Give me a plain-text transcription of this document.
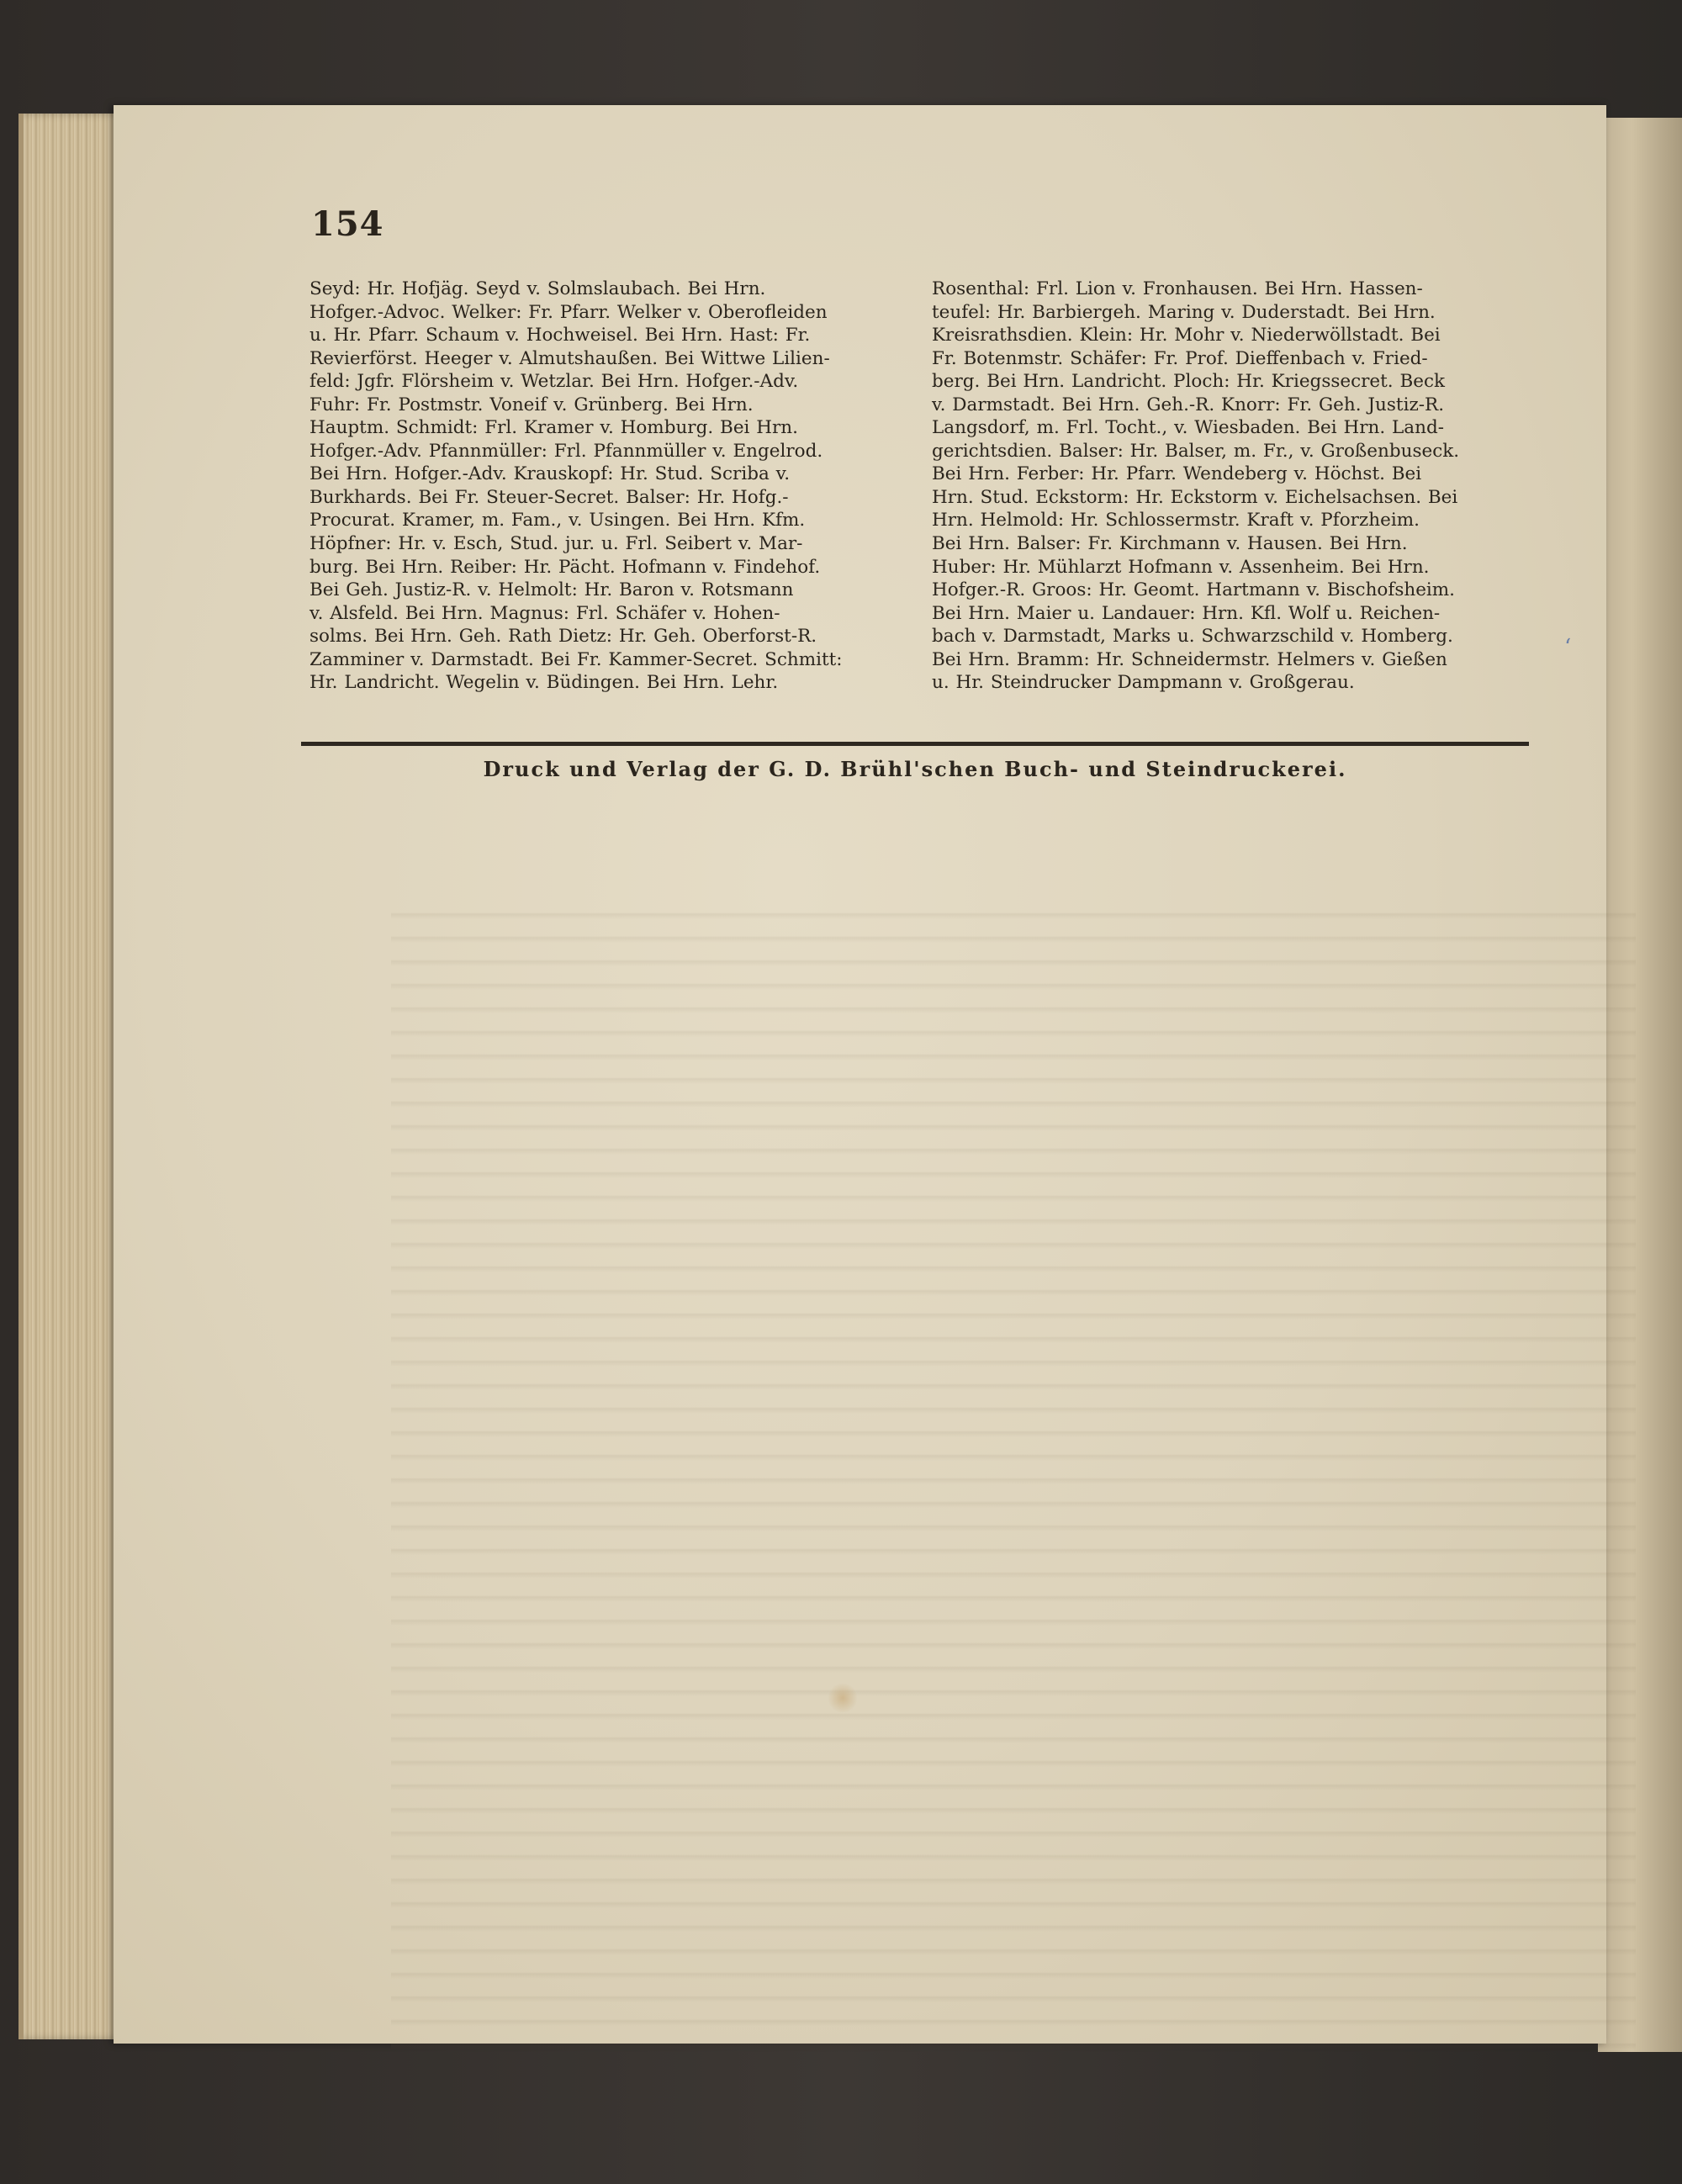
154

Seyd: Hr. Hofjäg. Seyd v. Solmslaubach. Bei Hrn.

Hofger.-Advoc. Welker: Fr. Pfarr. Welker v. Oberofleiden

u. Hr. Pfarr. Schaum v. Hochweisel. Bei Hrn. Hast: Fr.

Revierförst. Heeger v. Almutshaußen. Bei Wittwe Lilien-

feld: Jgfr. Flörsheim v. Wetzlar. Bei Hrn. Hofger.-Adv.

Fuhr: Fr. Postmstr. Voneif v. Grünberg. Bei Hrn.

Hauptm. Schmidt: Frl. Kramer v. Homburg. Bei Hrn.

Hofger.-Adv. Pfannmüller: Frl. Pfannmüller v. Engelrod.

Bei Hrn. Hofger.-Adv. Krauskopf: Hr. Stud. Scriba v.

Burkhards. Bei Fr. Steuer-Secret. Balser: Hr. Hofg.-

Procurat. Kramer, m. Fam., v. Usingen. Bei Hrn. Kfm.

Höpfner: Hr. v. Esch, Stud. jur. u. Frl. Seibert v. Mar-

burg. Bei Hrn. Reiber: Hr. Pächt. Hofmann v. Findehof.

Bei Geh. Justiz-R. v. Helmolt: Hr. Baron v. Rotsmann

v. Alsfeld. Bei Hrn. Magnus: Frl. Schäfer v. Hohen-

solms. Bei Hrn. Geh. Rath Dietz: Hr. Geh. Oberforst-R.

Zamminer v. Darmstadt. Bei Fr. Kammer-Secret. Schmitt:

Hr. Landricht. Wegelin v. Büdingen. Bei Hrn. Lehr.

Rosenthal: Frl. Lion v. Fronhausen. Bei Hrn. Hassen-

teufel: Hr. Barbiergeh. Maring v. Duderstadt. Bei Hrn.

Kreisrathsdien. Klein: Hr. Mohr v. Niederwöllstadt. Bei

Fr. Botenmstr. Schäfer: Fr. Prof. Dieffenbach v. Fried-

berg. Bei Hrn. Landricht. Ploch: Hr. Kriegssecret. Beck

v. Darmstadt. Bei Hrn. Geh.-R. Knorr: Fr. Geh. Justiz-R.

Langsdorf, m. Frl. Tocht., v. Wiesbaden. Bei Hrn. Land-

gerichtsdien. Balser: Hr. Balser, m. Fr., v. Großenbuseck.

Bei Hrn. Ferber: Hr. Pfarr. Wendeberg v. Höchst. Bei

Hrn. Stud. Eckstorm: Hr. Eckstorm v. Eichelsachsen. Bei

Hrn. Helmold: Hr. Schlossermstr. Kraft v. Pforzheim.

Bei Hrn. Balser: Fr. Kirchmann v. Hausen. Bei Hrn.

Huber: Hr. Mühlarzt Hofmann v. Assenheim. Bei Hrn.

Hofger.-R. Groos: Hr. Geomt. Hartmann v. Bischofsheim.

Bei Hrn. Maier u. Landauer: Hrn. Kfl. Wolf u. Reichen-

bach v. Darmstadt, Marks u. Schwarzschild v. Homberg.

Bei Hrn. Bramm: Hr. Schneidermstr. Helmers v. Gießen

u. Hr. Steindrucker Dampmann v. Großgerau.

Druck und Verlag der G. D. Brühl'schen Buch- und Steindruckerei.
ʻ
